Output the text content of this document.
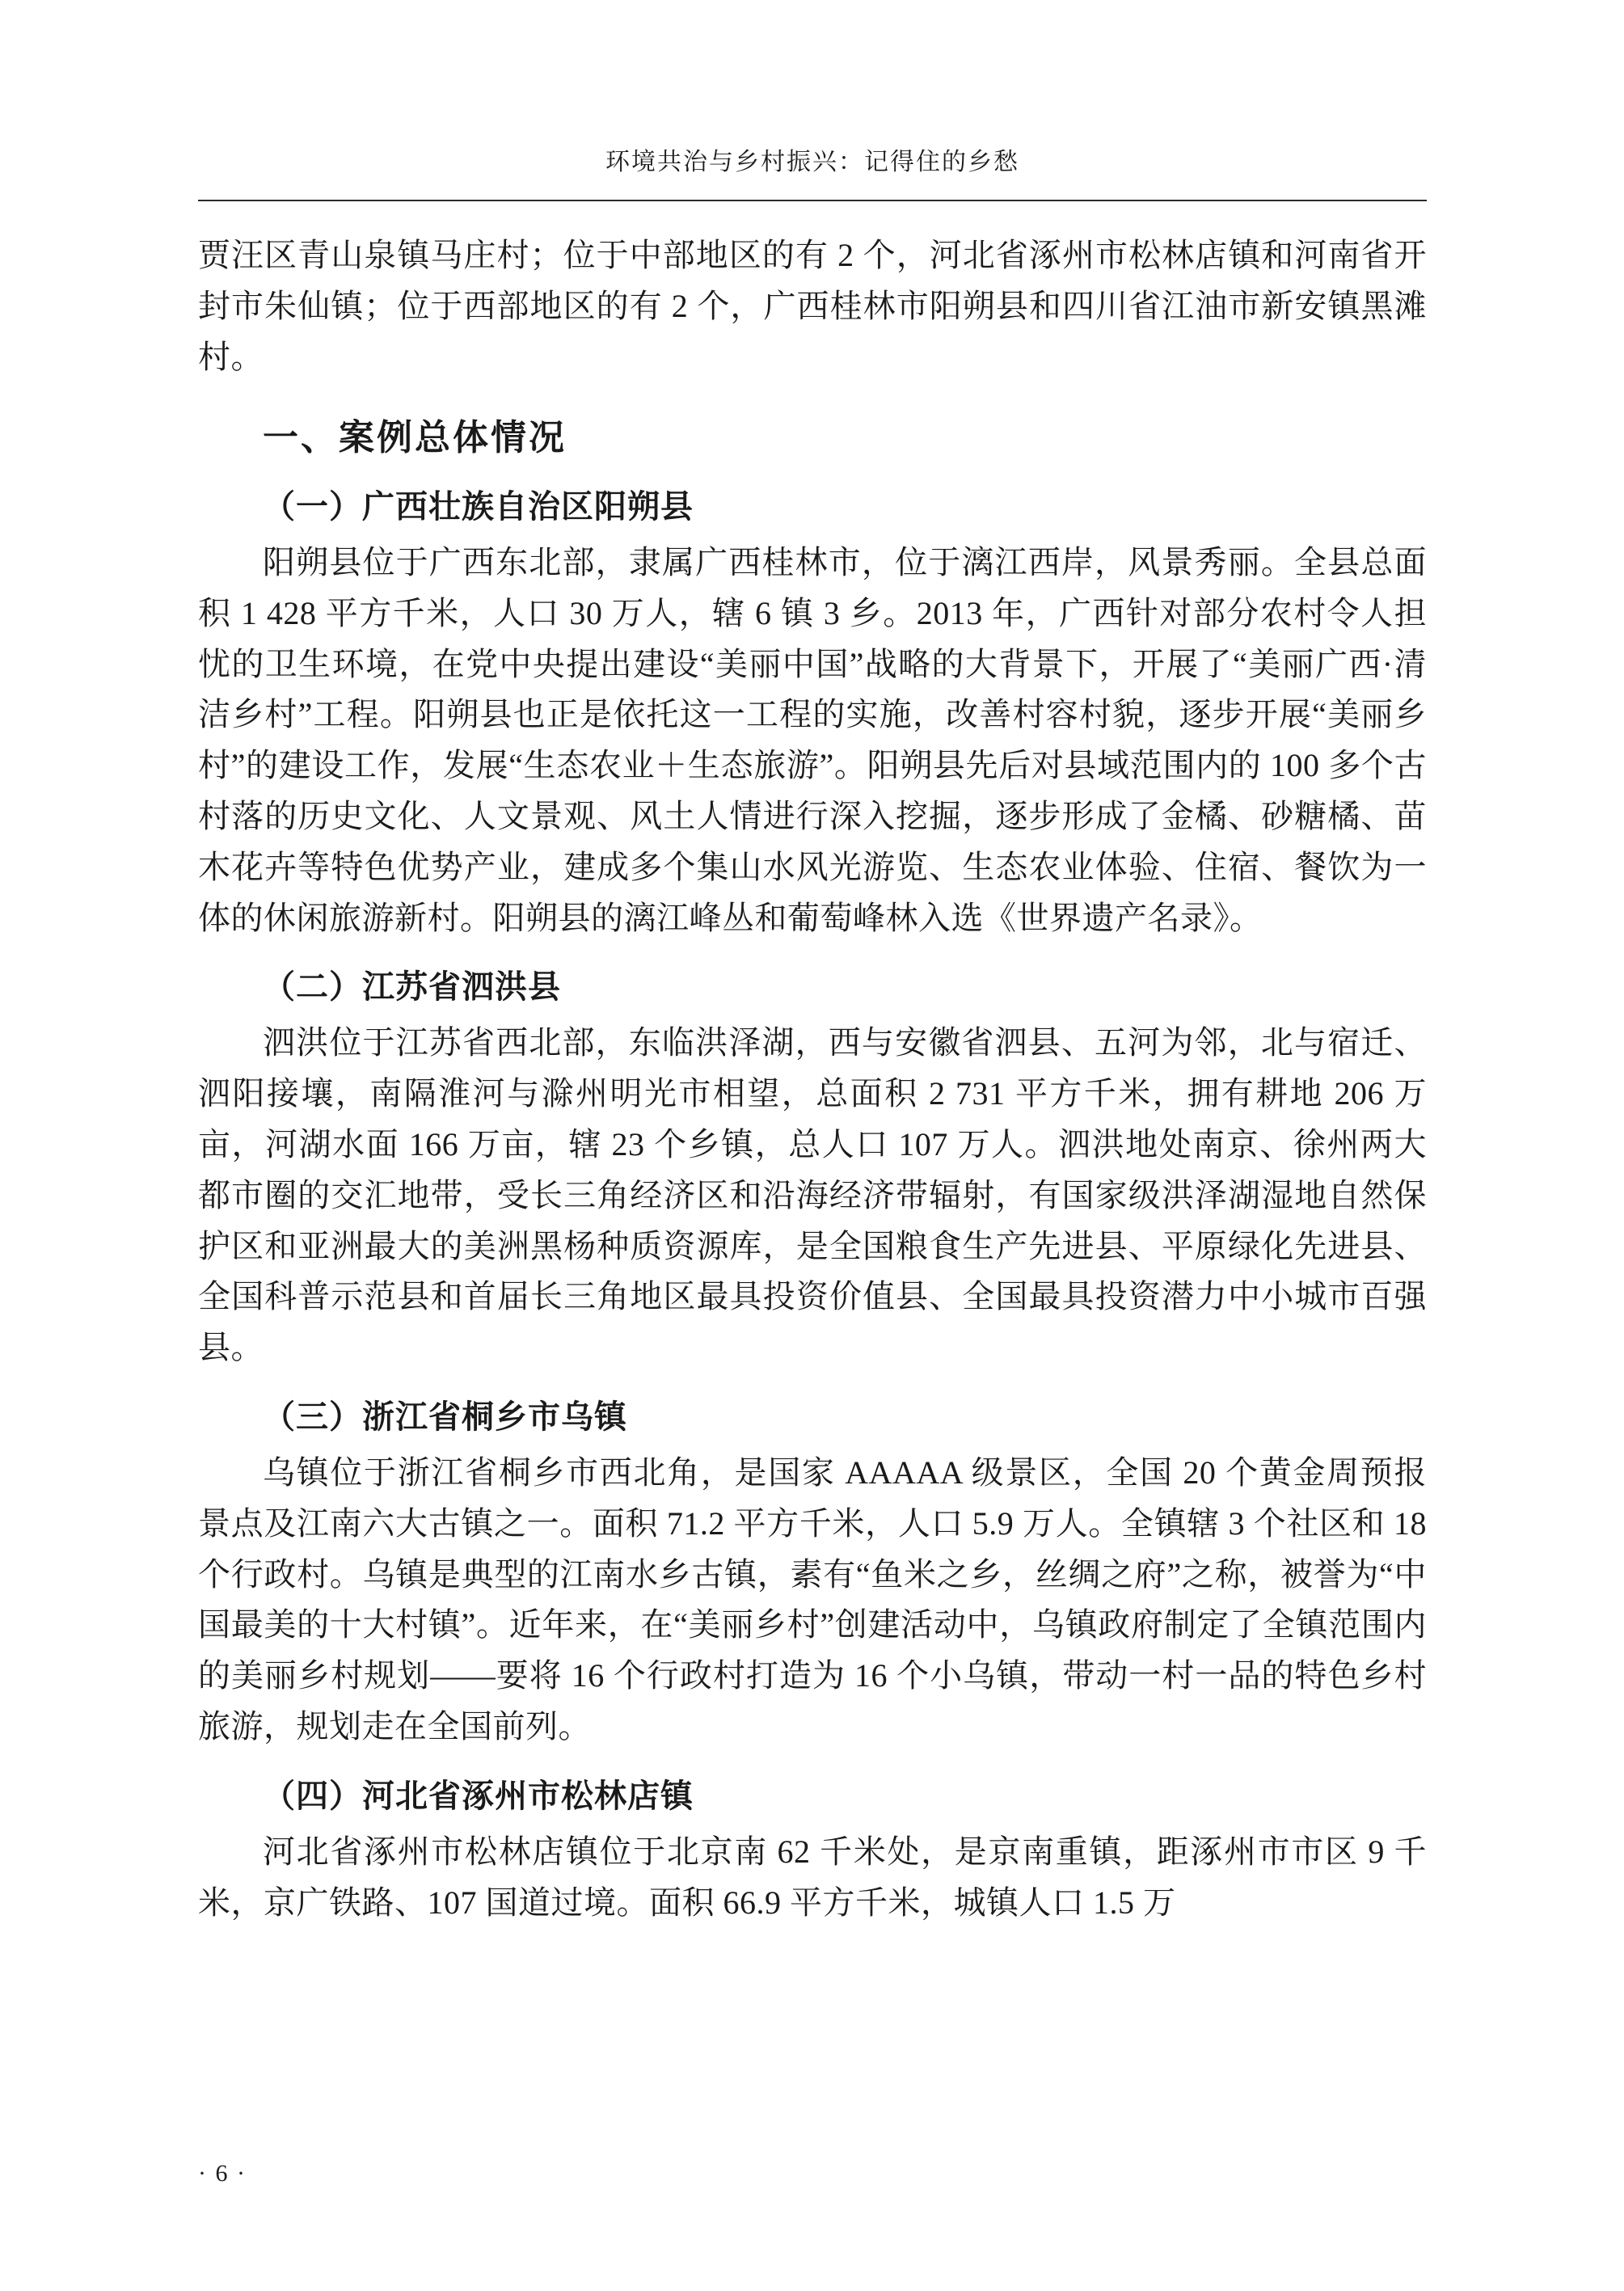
环境共治与乡村振兴：记得住的乡愁

贾汪区青山泉镇马庄村；位于中部地区的有 2 个，河北省涿州市松林店镇和河南省开封市朱仙镇；位于西部地区的有 2 个，广西桂林市阳朔县和四川省江油市新安镇黑滩村。

一、案例总体情况
（一）广西壮族自治区阳朔县

阳朔县位于广西东北部，隶属广西桂林市，位于漓江西岸，风景秀丽。全县总面积 1 428 平方千米，人口 30 万人，辖 6 镇 3 乡。2013 年，广西针对部分农村令人担忧的卫生环境，在党中央提出建设“美丽中国”战略的大背景下，开展了“美丽广西·清洁乡村”工程。阳朔县也正是依托这一工程的实施，改善村容村貌，逐步开展“美丽乡村”的建设工作，发展“生态农业＋生态旅游”。阳朔县先后对县域范围内的 100 多个古村落的历史文化、人文景观、风土人情进行深入挖掘，逐步形成了金橘、砂糖橘、苗木花卉等特色优势产业，建成多个集山水风光游览、生态农业体验、住宿、餐饮为一体的休闲旅游新村。阳朔县的漓江峰丛和葡萄峰林入选《世界遗产名录》。

（二）江苏省泗洪县

泗洪位于江苏省西北部，东临洪泽湖，西与安徽省泗县、五河为邻，北与宿迁、泗阳接壤，南隔淮河与滁州明光市相望，总面积 2 731 平方千米，拥有耕地 206 万亩，河湖水面 166 万亩，辖 23 个乡镇，总人口 107 万人。泗洪地处南京、徐州两大都市圈的交汇地带，受长三角经济区和沿海经济带辐射，有国家级洪泽湖湿地自然保护区和亚洲最大的美洲黑杨种质资源库，是全国粮食生产先进县、平原绿化先进县、全国科普示范县和首届长三角地区最具投资价值县、全国最具投资潜力中小城市百强县。

（三）浙江省桐乡市乌镇

乌镇位于浙江省桐乡市西北角，是国家 AAAAA 级景区，全国 20 个黄金周预报景点及江南六大古镇之一。面积 71.2 平方千米，人口 5.9 万人。全镇辖 3 个社区和 18 个行政村。乌镇是典型的江南水乡古镇，素有“鱼米之乡，丝绸之府”之称，被誉为“中国最美的十大村镇”。近年来，在“美丽乡村”创建活动中，乌镇政府制定了全镇范围内的美丽乡村规划——要将 16 个行政村打造为 16 个小乌镇，带动一村一品的特色乡村旅游，规划走在全国前列。

（四）河北省涿州市松林店镇

河北省涿州市松林店镇位于北京南 62 千米处，是京南重镇，距涿州市市区 9 千米，京广铁路、107 国道过境。面积 66.9 平方千米，城镇人口 1.5 万

· 6 ·
